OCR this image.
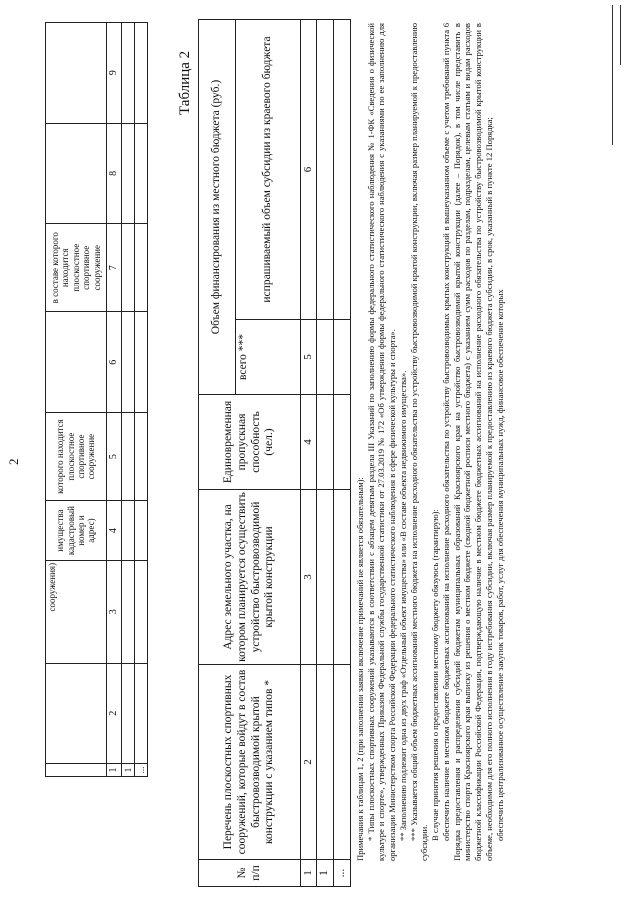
2
		сооружения)	имущества кадастровый номер и адрес)	которого находится плоскостное спортивное сооружение		в составе которого находится плоскостное спортивное сооружение		
1	2	3	4	5	6	7	8	9
1								
...								
Таблица 2
№ п/п	Перечень плоскостных спортивных сооружений, которые войдут в состав быстровозводимой крытой конструкции с указанием типов *	Адрес земельного участка, на котором планируется осуществить устройство быстровозводимой крытой конструкции	Единовременная пропускная способность (чел.)	Объем финансирования из местного бюджета (руб.)	
				всего ***	испрашиваемый объем субсидии из краевого бюджета
1	2	3	4	5	6
1					
...					

Примечания к таблицам 1, 2 (при заполнении заявки включение примечаний не является обязательным): * Типы плоскостных спортивных сооружений указываются в соответствии с абзацем девятым раздела III Указаний по заполнению формы федерального статистического наблюдения № 1-ФК «Сведения о физической культуре и спорте», утвержденных Приказом Федеральной службы государственной статистики от 27.03.2019 № 172 «Об утверждении формы федерального статистического наблюдения с указаниями по ее заполнению для организации Министерством спорта Российской Федерации федерального статистического наблюдения в сфере физической культуры и спорта». ** Заполнению подлежит одна из двух граф «Отдельный объект имущества» или «В составе объекта недвижимого имущества». *** Указывается общий объем бюджетных ассигнований местного бюджета на исполнение расходного обязательства по устройству быстровозводимой крытой конструкции, включая размер планируемой к предоставлению субсидии.

В случае принятия решения о предоставлении местному бюджету обязуюсь (гарантирую): обеспечить наличие в местном бюджете бюджетных ассигнований на исполнение расходного обязательства по устройству быстровозводимых крытых конструкций в вышеуказанном объеме с учетом требований пункта 6 Порядка предоставления и распределения субсидий бюджетам муниципальных образований Красноярского края на устройство быстровозводимой крытой конструкции (далее – Порядок), в том числе представить в министерство спорта Красноярского края выписку из решения о местном бюджете (сводной бюджетной росписи местного бюджета) с указанием сумм расходов по разделам, подразделам, целевым статьям и видам расходов бюджетной классификации Российской Федерации, подтверждающую наличие в местном бюджете бюджетных ассигнований на исполнение расходного обязательства по устройству быстровозводимой крытой конструкции в объеме, необходимом для его полного исполнения в году истребования субсидии, включая размер планируемой к предоставлению из краевого бюджета субсидии, в срок, указанный в пункте 12 Порядка; обеспечить централизованное осуществление закупок товаров, работ, услуг для обеспечения муниципальных нужд, финансовое обеспечение которых
